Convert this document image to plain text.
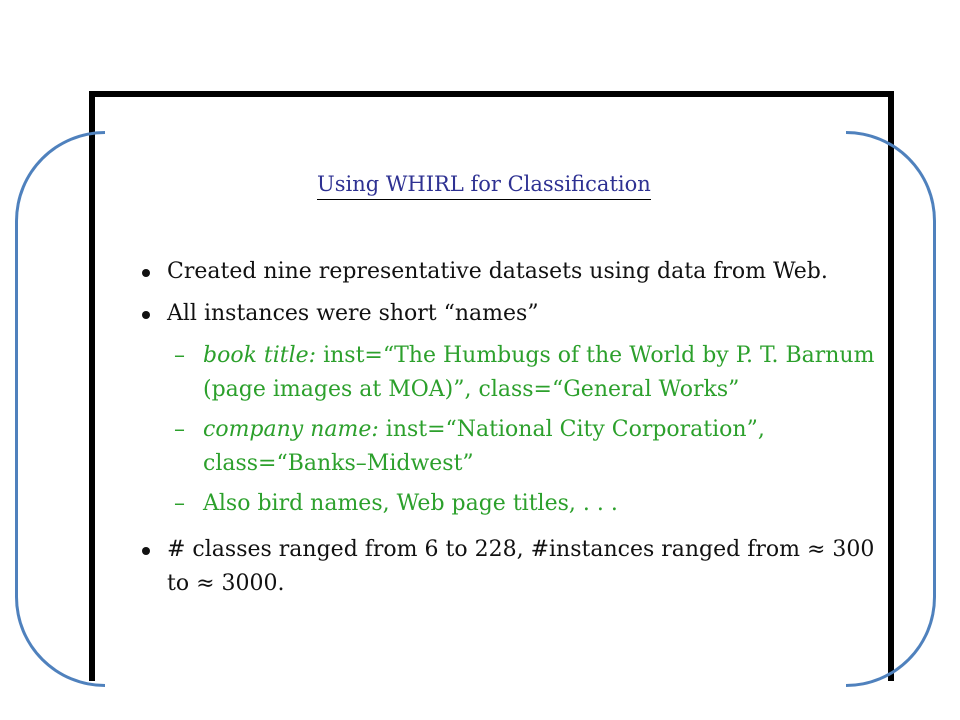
Using WHIRL for Classification
Created nine representative datasets using data from Web.
All instances were short “names”
– book title: inst=“The Humbugs of the World by P. T. Barnum (page images at MOA)”, class=“General Works”
– company name: inst=“National City Corporation”, class=“Banks–Midwest”
– Also bird names, Web page titles, . . .
# classes ranged from 6 to 228, #instances ranged from ≈ 300 to ≈ 3000.
